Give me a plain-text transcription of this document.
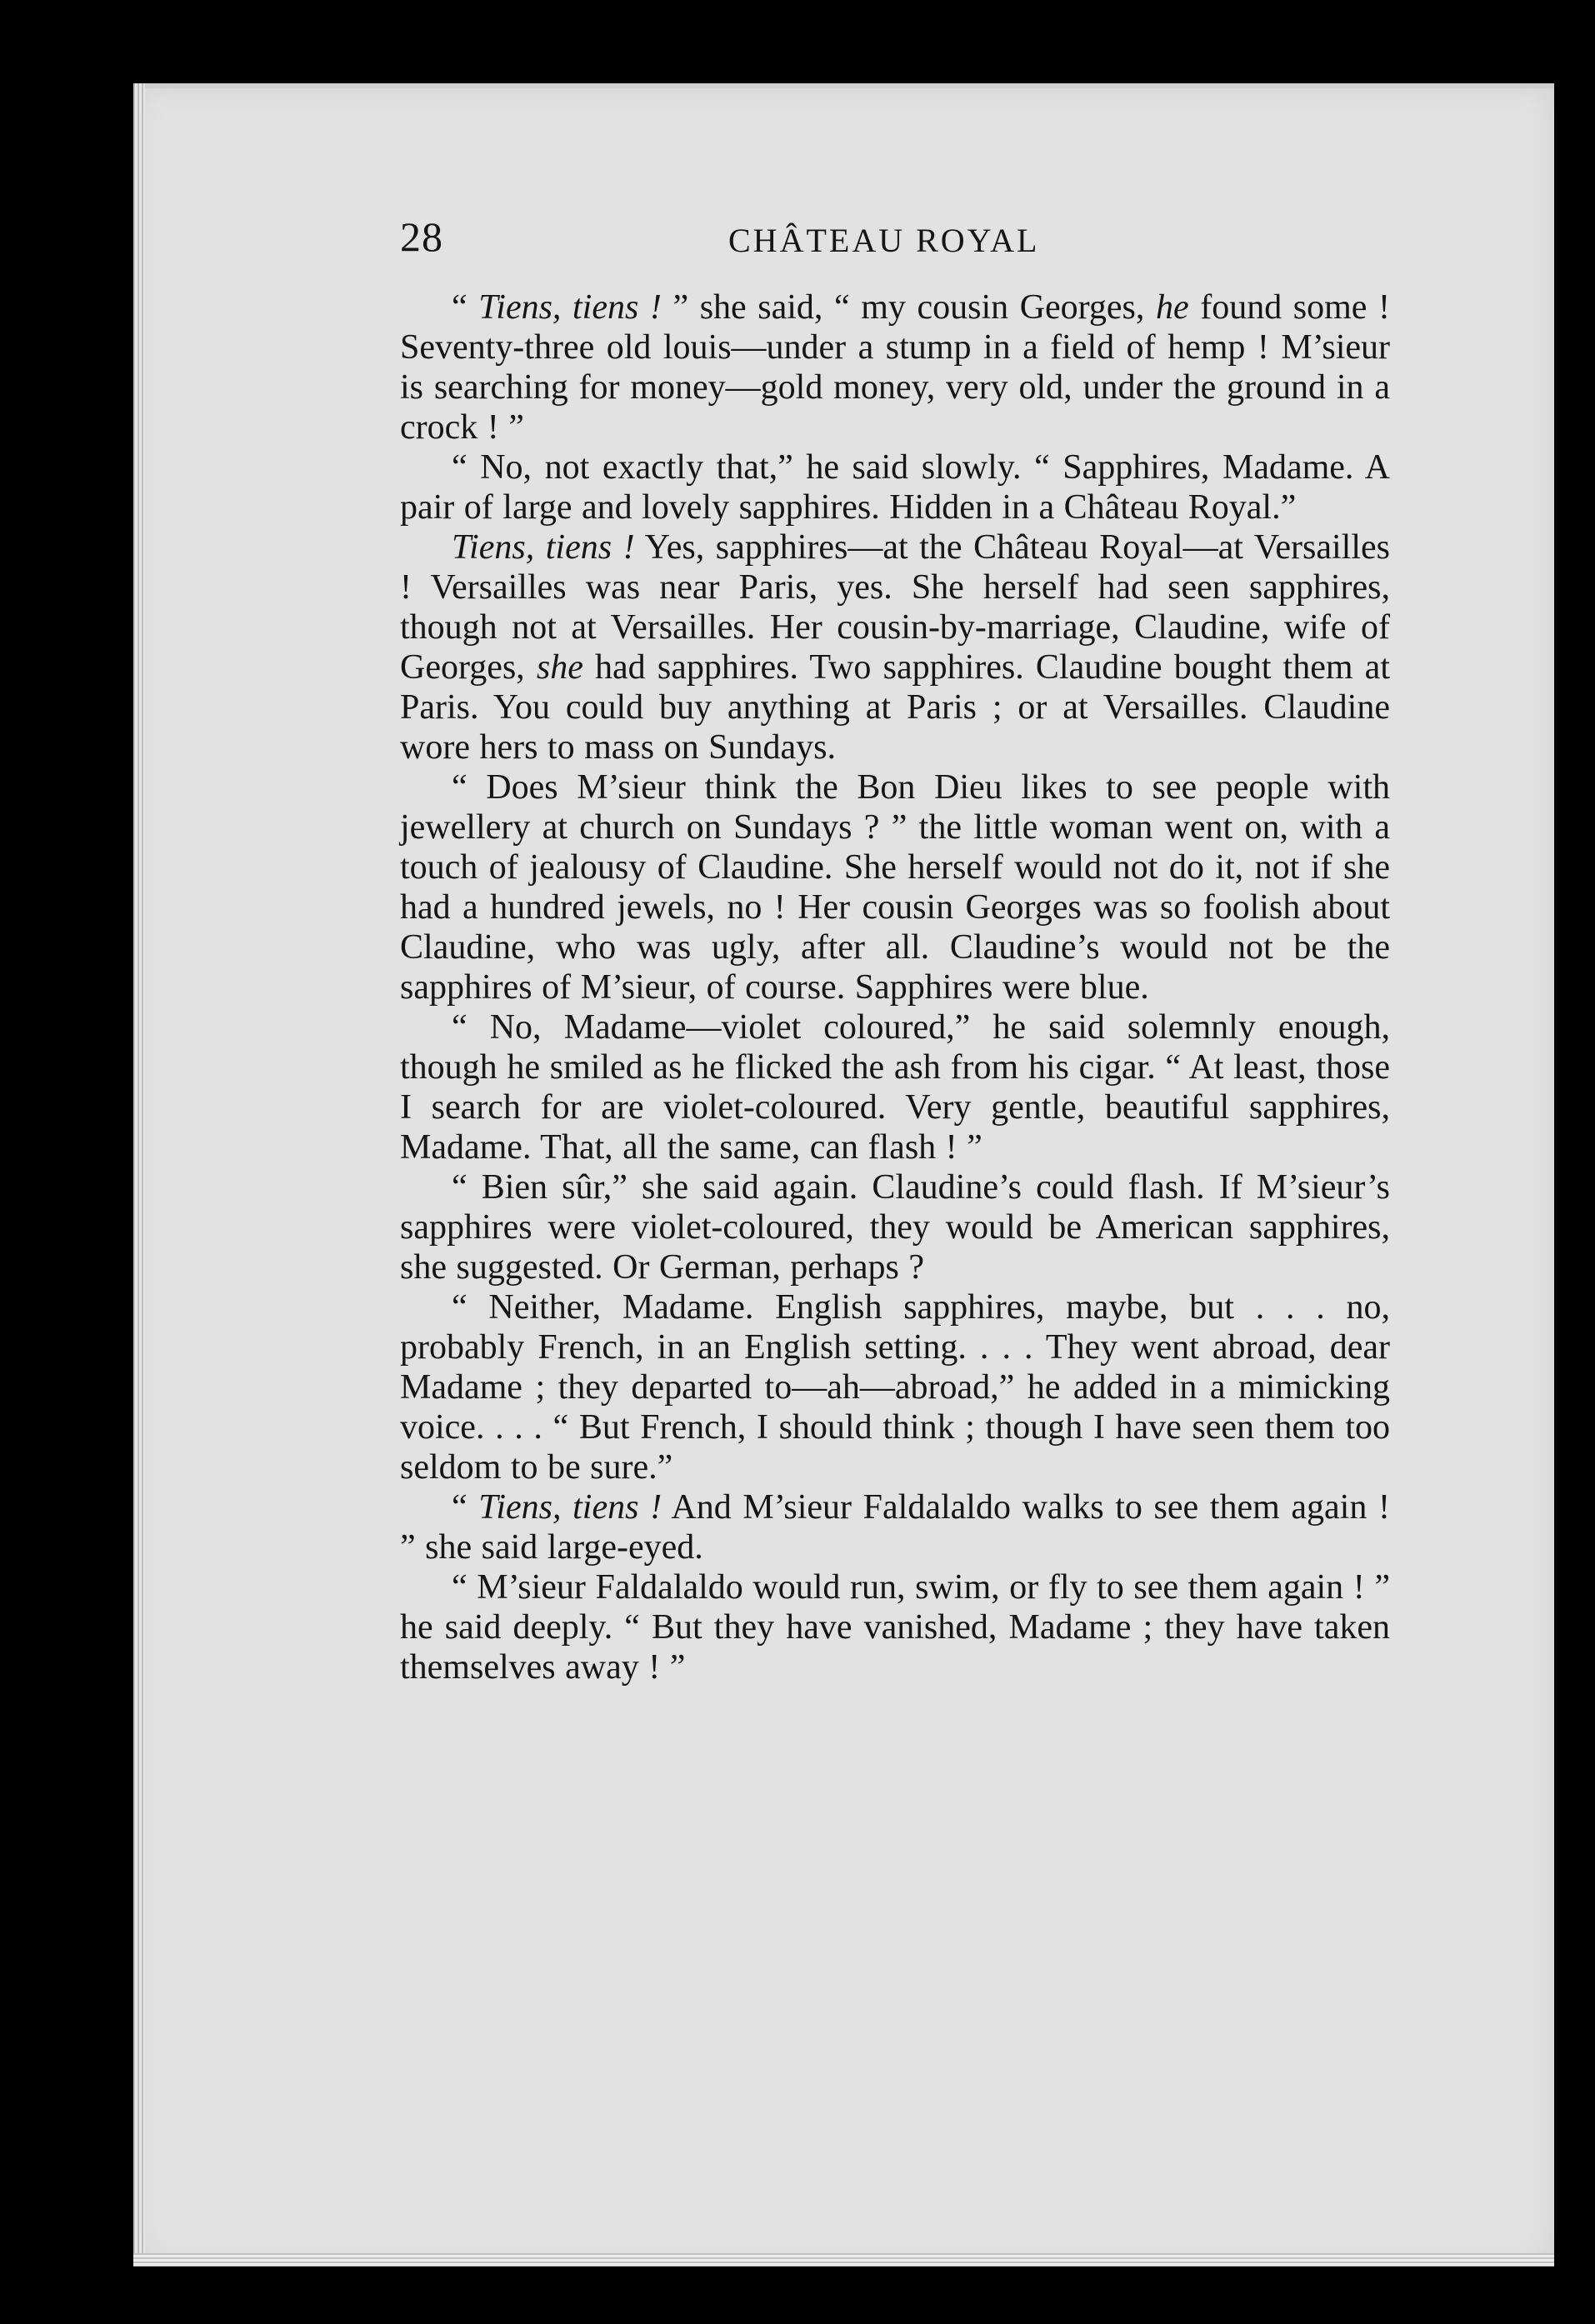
28	CHÂTEAU ROYAL

“ Tiens, tiens ! ” she said, “ my cousin Georges, he found some ! Seventy-three old louis—under a stump in a field of hemp ! M’sieur is searching for money—gold money, very old, under the ground in a crock ! ”

“ No, not exactly that,” he said slowly. “ Sapphires, Madame. A pair of large and lovely sapphires. Hidden in a Château Royal.”

Tiens, tiens ! Yes, sapphires—at the Château Royal—at Versailles ! Versailles was near Paris, yes. She herself had seen sapphires, though not at Versailles. Her cousin-by-marriage, Claudine, wife of Georges, she had sapphires. Two sapphires. Claudine bought them at Paris. You could buy anything at Paris ; or at Versailles. Claudine wore hers to mass on Sundays.

“ Does M’sieur think the Bon Dieu likes to see people with jewellery at church on Sundays ? ” the little woman went on, with a touch of jealousy of Claudine. She herself would not do it, not if she had a hundred jewels, no ! Her cousin Georges was so foolish about Claudine, who was ugly, after all. Claudine’s would not be the sapphires of M’sieur, of course. Sapphires were blue.

“ No, Madame—violet coloured,” he said solemnly enough, though he smiled as he flicked the ash from his cigar. “ At least, those I search for are violet-coloured. Very gentle, beautiful sapphires, Madame. That, all the same, can flash ! ”

“ Bien sûr,” she said again. Claudine’s could flash. If M’sieur’s sapphires were violet-coloured, they would be American sapphires, she suggested. Or German, perhaps ?

“ Neither, Madame. English sapphires, maybe, but . . . no, probably French, in an English setting. . . . They went abroad, dear Madame ; they departed to—ah—abroad,” he added in a mimicking voice. . . . “ But French, I should think ; though I have seen them too seldom to be sure.”

“ Tiens, tiens ! And M’sieur Faldalaldo walks to see them again ! ” she said large-eyed.

“ M’sieur Faldalaldo would run, swim, or fly to see them again ! ” he said deeply. “ But they have vanished, Madame ; they have taken themselves away ! ”
